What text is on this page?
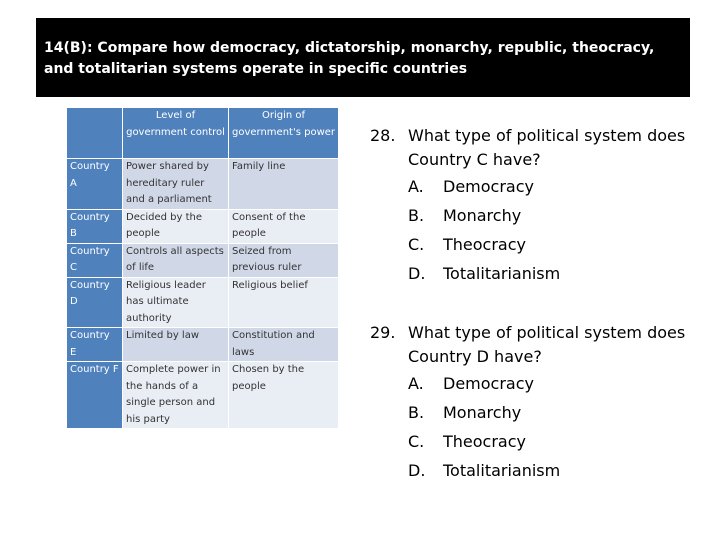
14(B): Compare how democracy, dictatorship, monarchy, republic, theocracy, and totalitarian systems operate in specific countries
	Level of government control	Origin of government's power
Country A	Power shared by hereditary ruler and a parliament	Family line
Country B	Decided by the people	Consent of the people
Country C	Controls all aspects of life	Seized from previous ruler
Country D	Religious leader has ultimate authority	Religious belief
Country E	Limited by law	Constitution and laws
Country F	Complete power in the hands of a single person and his party	Chosen by the people
28. What type of political system does Country C have?
A. Democracy
B. Monarchy
C. Theocracy
D. Totalitarianism
29. What type of political system does Country D have?
A. Democracy
B. Monarchy
C. Theocracy
D. Totalitarianism
